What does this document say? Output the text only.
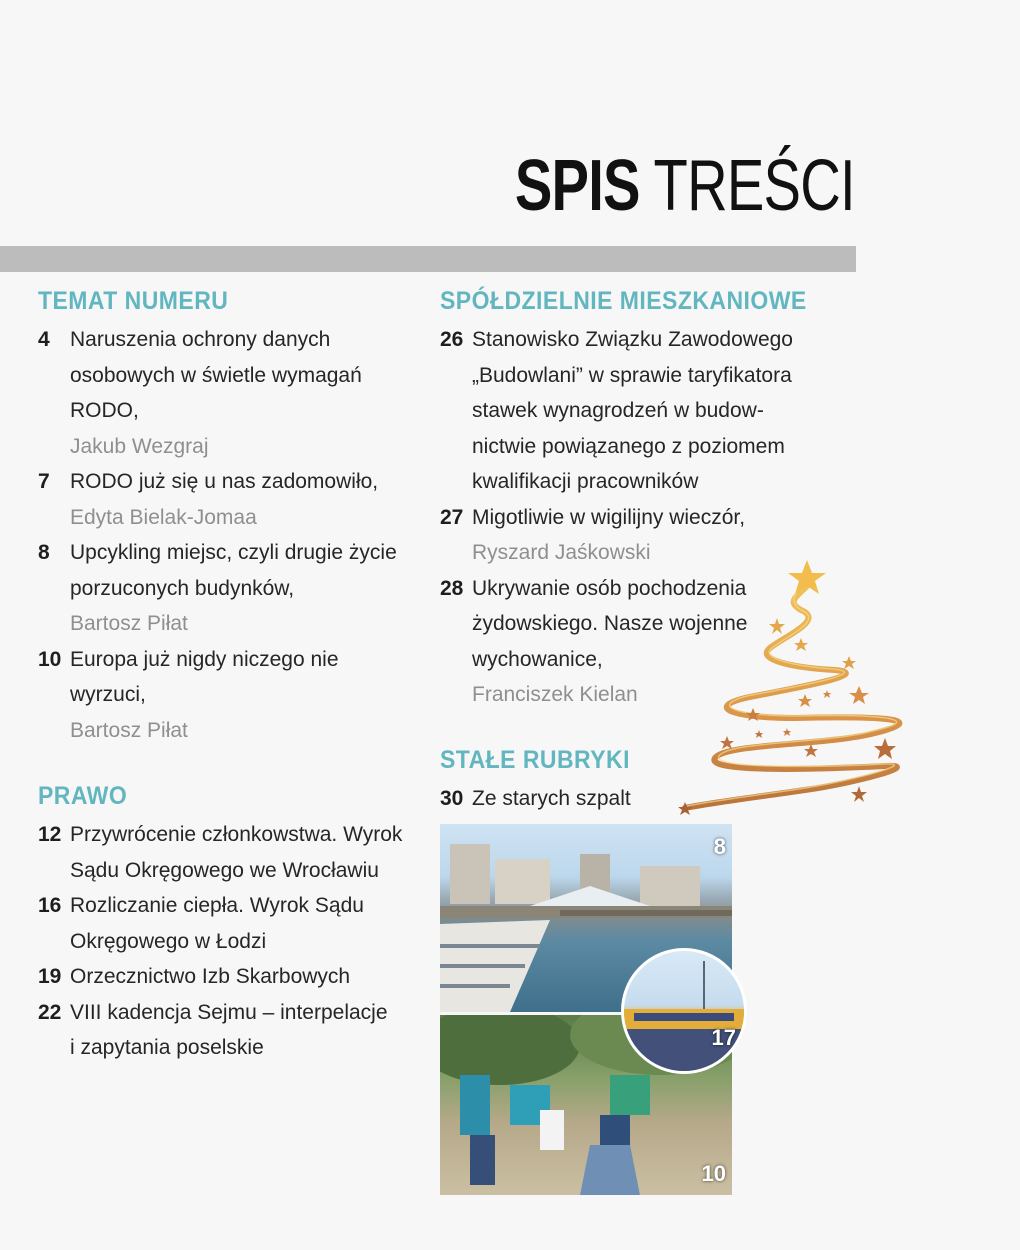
SPIS TREŚCI
TEMAT NUMERU
4 Naruszenia ochrony danych
osobowych w świetle wymagań
RODO,
Jakub Wezgraj
7 RODO już się u nas zadomowiło,
Edyta Bielak-Jomaa
8 Upcykling miejsc, czyli drugie życie
porzuconych budynków,
Bartosz Piłat
10 Europa już nigdy niczego nie wyrzuci,
Bartosz Piłat
PRAWO
12 Przywrócenie członkowstwa. Wyrok
Sądu Okręgowego we Wrocławiu
16 Rozliczanie ciepła. Wyrok Sądu
Okręgowego w Łodzi
19 Orzecznictwo Izb Skarbowych
22 VIII kadencja Sejmu – interpelacje
i zapytania poselskie
SPÓŁDZIELNIE MIESZKANIOWE
26 Stanowisko Związku Zawodowego
„Budowlani” w sprawie taryfikatora
stawek wynagrodzeń w budow-
nictwie powiązanego z poziomem
kwalifikacji pracowników
27 Migotliwie w wigilijny wieczór,
Ryszard Jaśkowski
28 Ukrywanie osób pochodzenia
żydowskiego. Nasze wojenne
wychowanice,
Franciszek Kielan
STAŁE RUBRYKI
30 Ze starych szpalt
8
10
17
